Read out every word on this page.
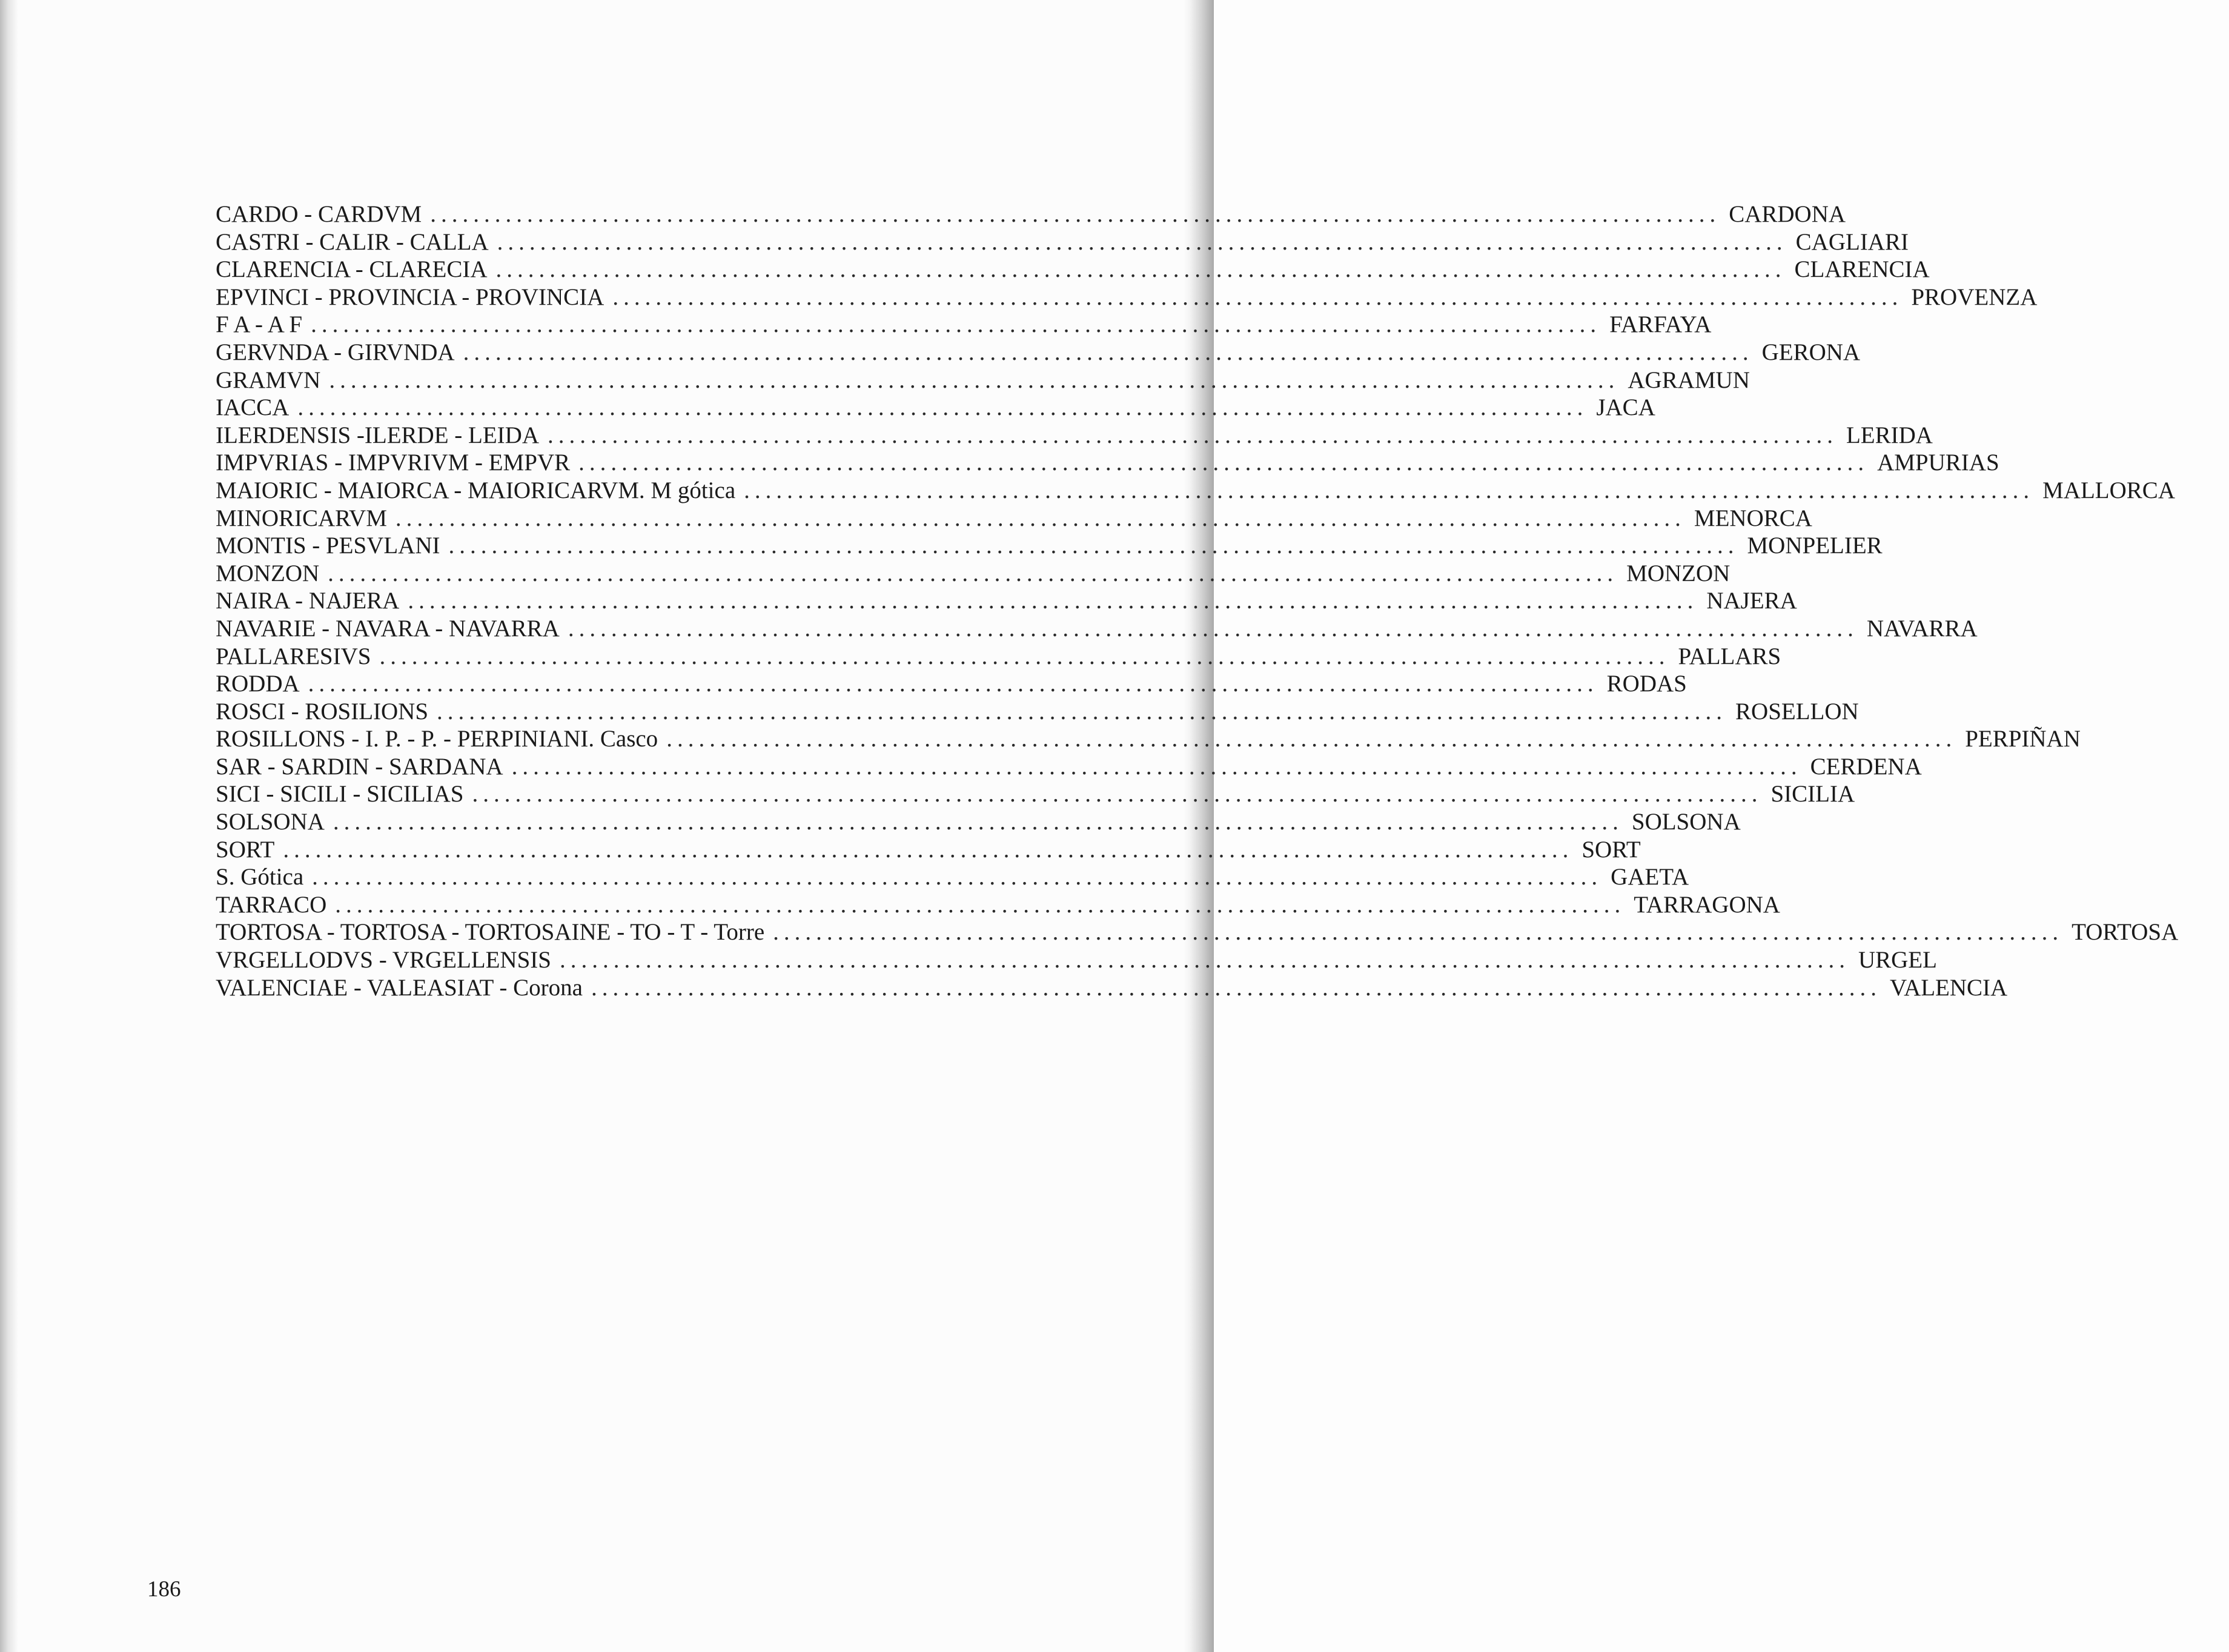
CARDO - CARDVM ........................................................................................................................ CARDONA
CASTRI - CALIR - CALLA ........................................................................................................................ CAGLIARI
CLARENCIA - CLARECIA ........................................................................................................................ CLARENCIA
EPVINCI - PROVINCIA - PROVINCIA ........................................................................................................................ PROVENZA
F A - A F ........................................................................................................................ FARFAYA
GERVNDA - GIRVNDA ........................................................................................................................ GERONA
GRAMVN ........................................................................................................................ AGRAMUN
IACCA ........................................................................................................................ JACA
ILERDENSIS -ILERDE - LEIDA ........................................................................................................................ LERIDA
IMPVRIAS - IMPVRIVM - EMPVR ........................................................................................................................ AMPURIAS
MAIORIC - MAIORCA - MAIORICARVM. M gótica ........................................................................................................................ MALLORCA
MINORICARVM ........................................................................................................................ MENORCA
MONTIS - PESVLANI ........................................................................................................................ MONPELIER
MONZON ........................................................................................................................ MONZON
NAIRA - NAJERA ........................................................................................................................ NAJERA
NAVARIE - NAVARA - NAVARRA ........................................................................................................................ NAVARRA
PALLARESIVS ........................................................................................................................ PALLARS
RODDA ........................................................................................................................ RODAS
ROSCI - ROSILIONS ........................................................................................................................ ROSELLON
ROSILLONS - I. P. - P. - PERPINIANI. Casco ........................................................................................................................ PERPIÑAN
SAR - SARDIN - SARDANA ........................................................................................................................ CERDENA
SICI - SICILI - SICILIAS ........................................................................................................................ SICILIA
SOLSONA ........................................................................................................................ SOLSONA
SORT ........................................................................................................................ SORT
S. Gótica ........................................................................................................................ GAETA
TARRACO ........................................................................................................................ TARRAGONA
TORTOSA - TORTOSA - TORTOSAINE - TO - T - Torre ........................................................................................................................ TORTOSA
VRGELLODVS - VRGELLENSIS ........................................................................................................................ URGEL
VALENCIAE - VALEASIAT - Corona ........................................................................................................................ VALENCIA
186
